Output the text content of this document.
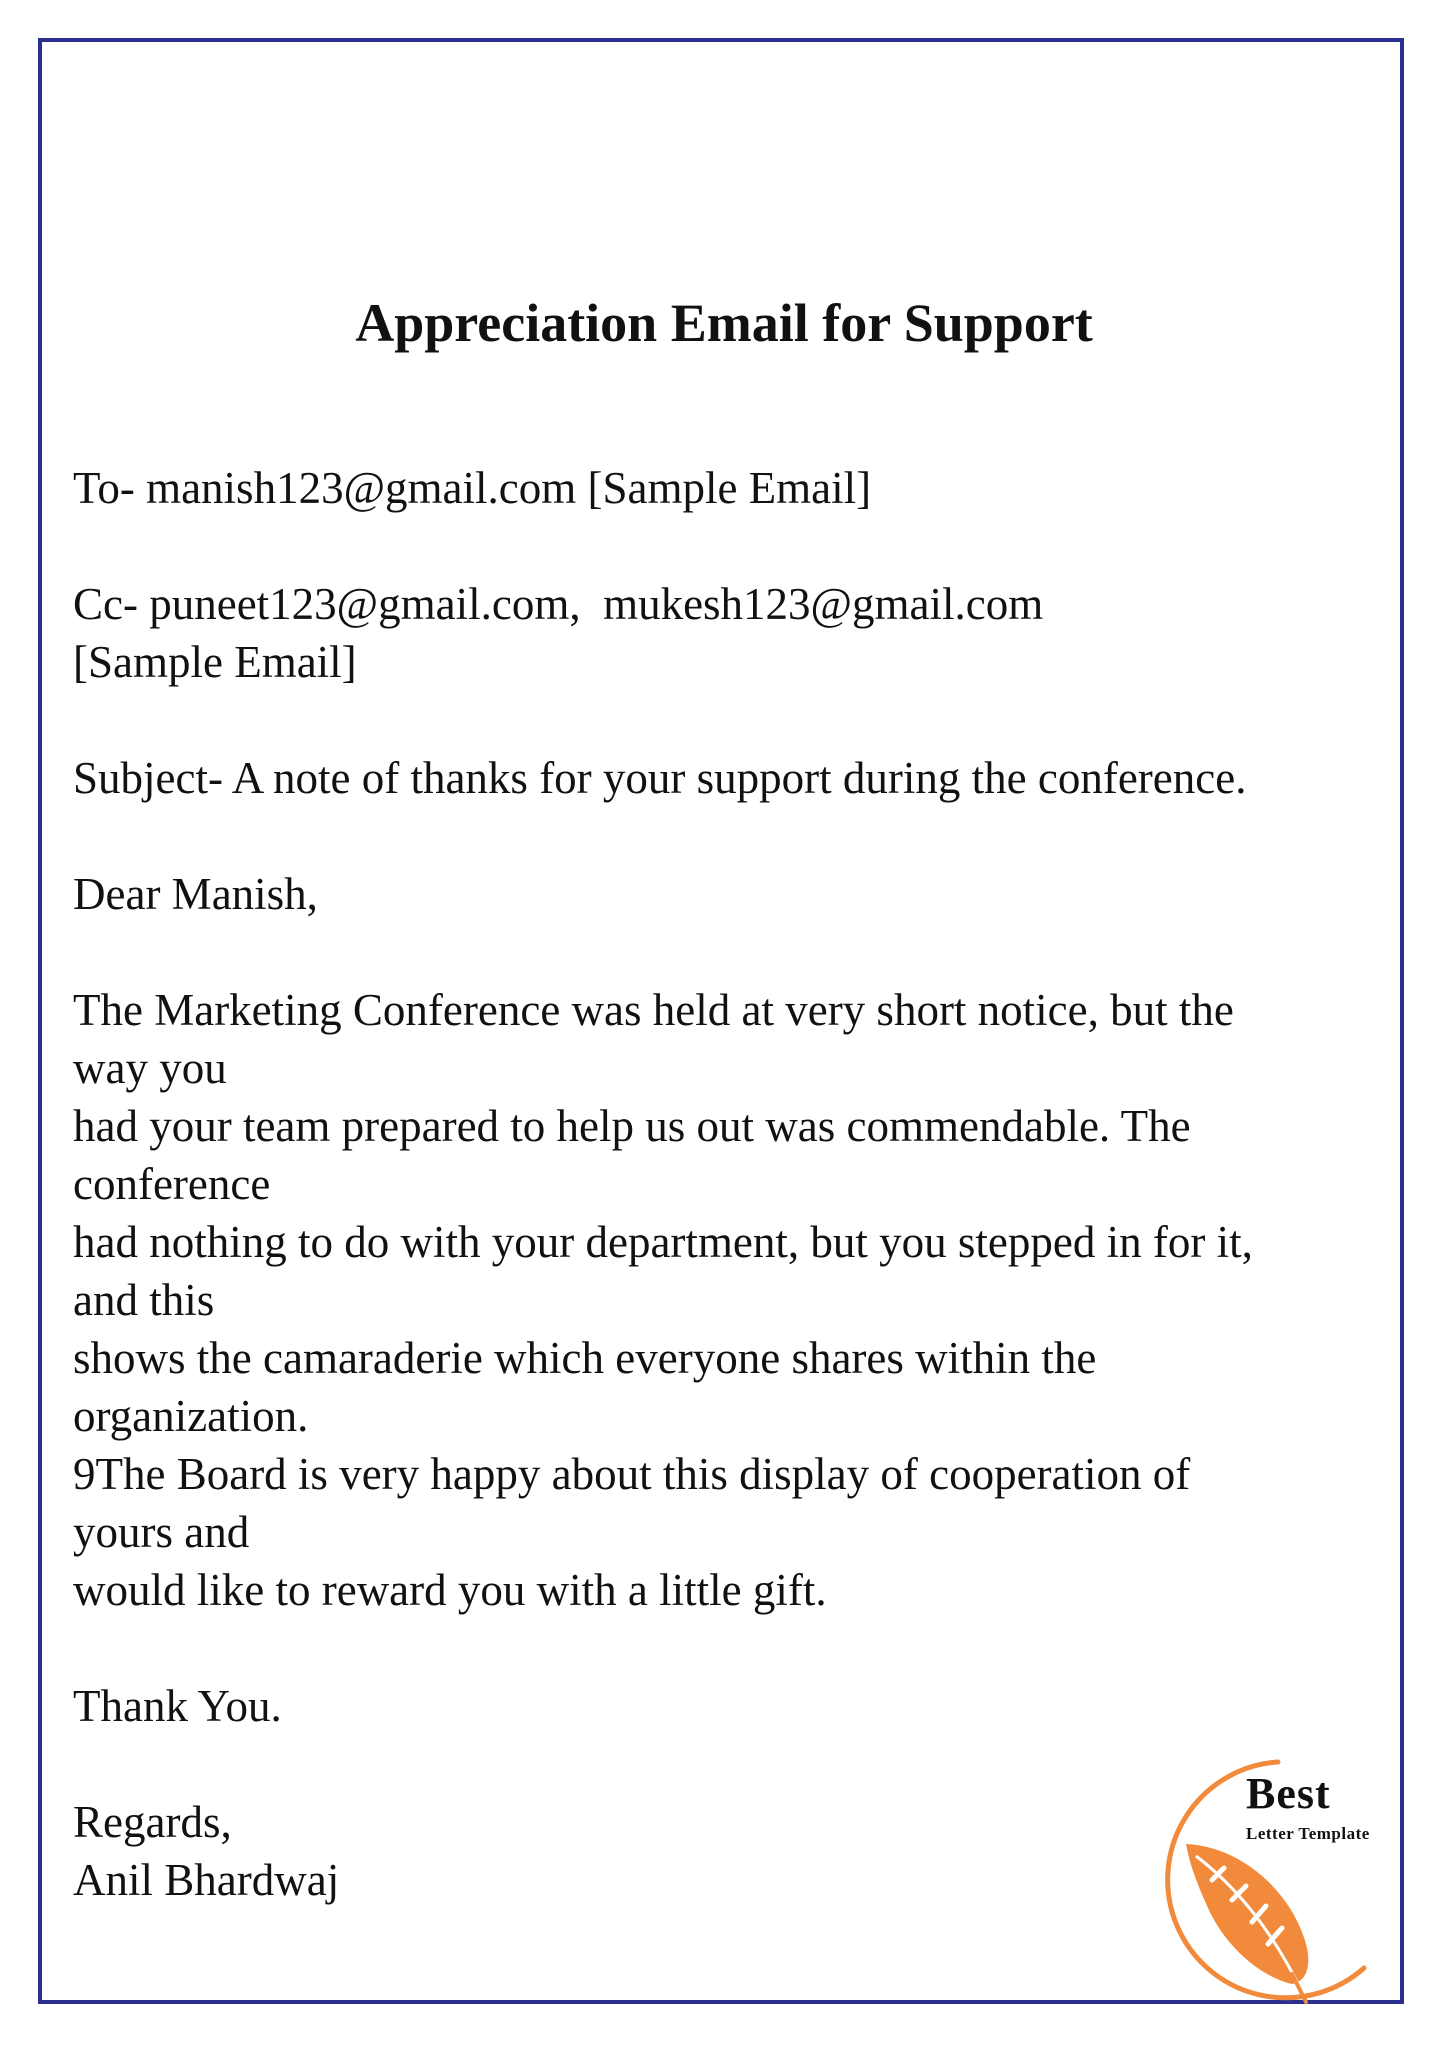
Appreciation Email for Support
To- manish123@gmail.com [Sample Email]
Cc- puneet123@gmail.com,  mukesh123@gmail.com
[Sample Email]
Subject- A note of thanks for your support during the conference.
Dear Manish,
The Marketing Conference was held at very short notice, but the
way you
had your team prepared to help us out was commendable. The
conference
had nothing to do with your department, but you stepped in for it,
and this
shows the camaraderie which everyone shares within the
organization.
9The Board is very happy about this display of cooperation of
yours and
would like to reward you with a little gift.
Thank You.
Regards,
Anil Bhardwaj
Best
Letter Template
